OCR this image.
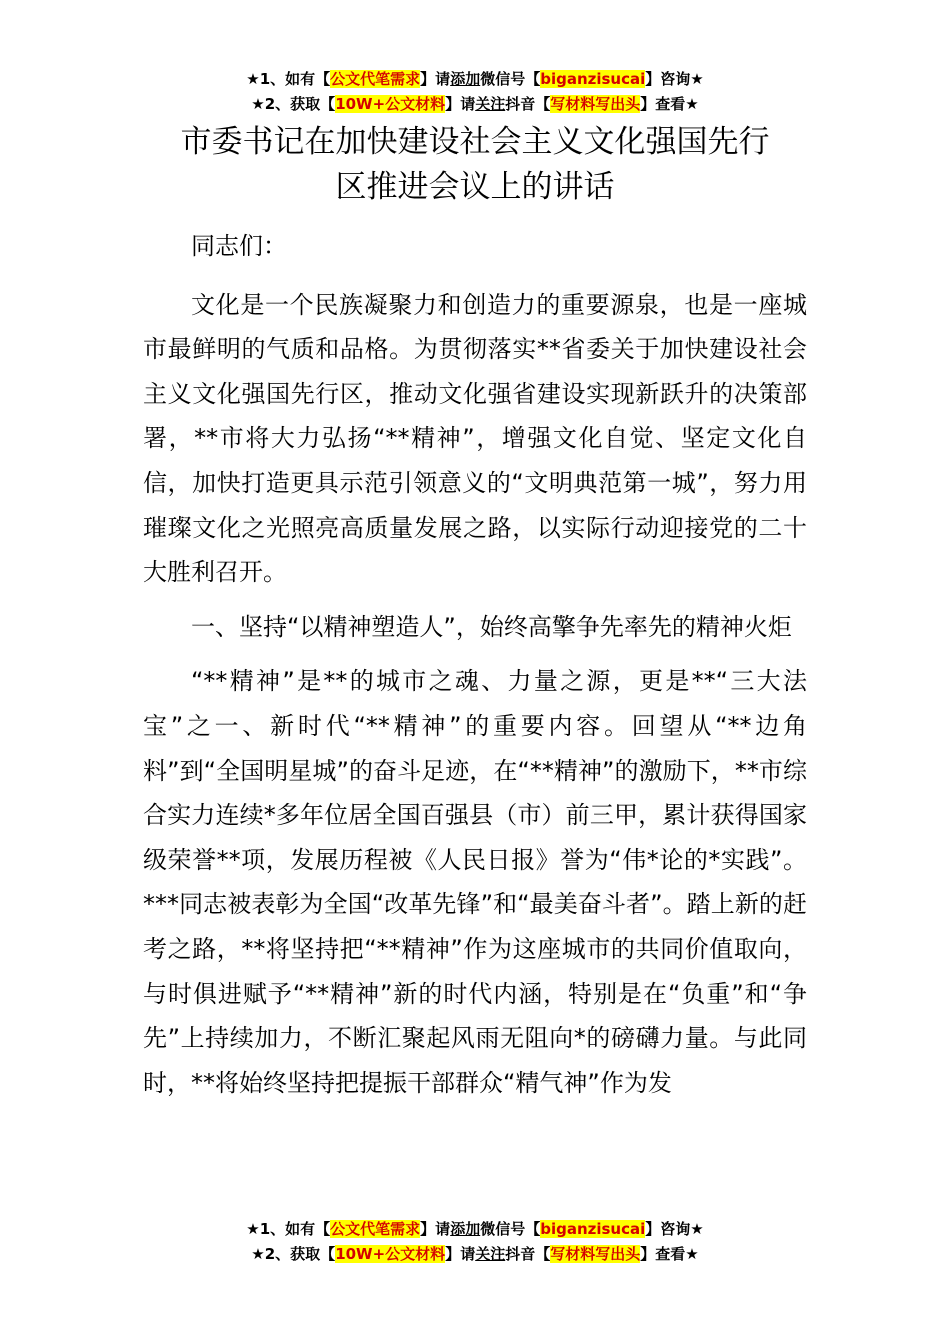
★1、如有【公文代笔需求】请添加微信号【biganzisucai】咨询★
★2、获取【10W+公文材料】请关注抖音【写材料写出头】查看★
市委书记在加快建设社会主义文化强国先行
区推进会议上的讲话

同志们：

文化是一个民族凝聚力和创造力的重要源泉，也是一座城市最鲜明的气质和品格。为贯彻落实**省委关于加快建设社会主义文化强国先行区，推动文化强省建设实现新跃升的决策部署，**市将大力弘扬“**精神”，增强文化自觉、坚定文化自信，加快打造更具示范引领意义的“文明典范第一城”，努力用璀璨文化之光照亮高质量发展之路，以实际行动迎接党的二十大胜利召开。

一、坚持“以精神塑造人”，始终高擎争先率先的精神火炬

“**精神”是**的城市之魂、力量之源，更是**“三大法宝”之一、新时代“**精神”的重要内容。回望从“**边角料”到“全国明星城”的奋斗足迹，在“**精神”的激励下，**市综合实力连续*多年位居全国百强县（市）前三甲，累计获得国家级荣誉**项，发展历程被《人民日报》誉为“伟*论的*实践”。***同志被表彰为全国“改革先锋”和“最美奋斗者”。踏上新的赶考之路，**将坚持把“**精神”作为这座城市的共同价值取向，与时俱进赋予“**精神”新的时代内涵，特别是在“负重”和“争先”上持续加力，不断汇聚起风雨无阻向*的磅礴力量。与此同时，**将始终坚持把提振干部群众“精气神”作为发

★1、如有【公文代笔需求】请添加微信号【biganzisucai】咨询★
★2、获取【10W+公文材料】请关注抖音【写材料写出头】查看★
